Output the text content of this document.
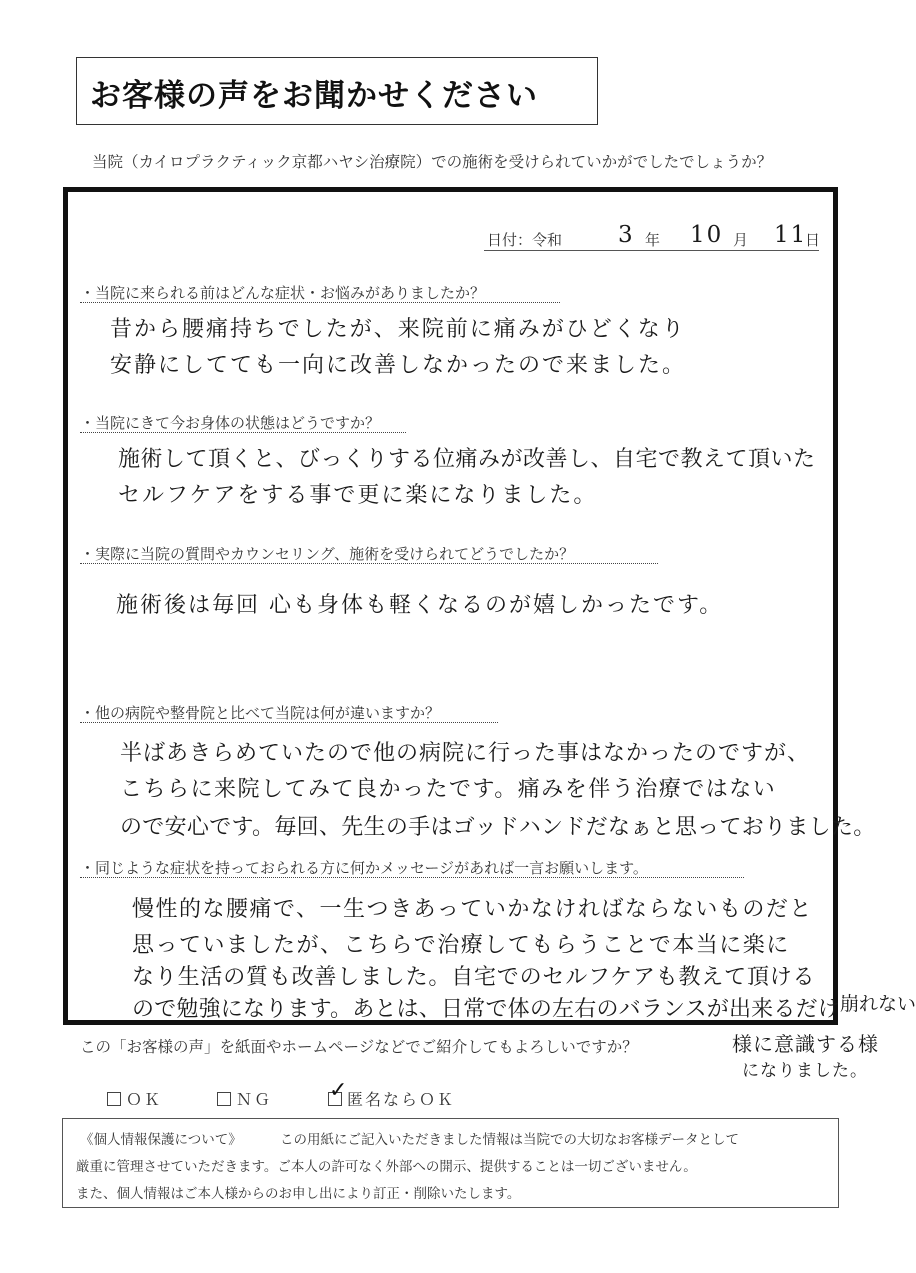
お客様の声をお聞かせください
当院（カイロプラクティック京都ハヤシ治療院）での施術を受けられていかがでしたでしょうか？
日付：令和 3 年 10 月 11
日
・当院に来られる前はどんな症状・お悩みがありましたか？
昔から腰痛持ちでしたが、来院前に痛みがひどくなり
安静にしてても一向に改善しなかったので来ました。
・当院にきて今お身体の状態はどうですか？
施術して頂くと、びっくりする位痛みが改善し、自宅で教えて頂いた
セルフケアをする事で更に楽になりました。
・実際に当院の質問やカウンセリング、施術を受けられてどうでしたか？
施術後は毎回 心も身体も軽くなるのが嬉しかったです。
・他の病院や整骨院と比べて当院は何が違いますか？
半ばあきらめていたので他の病院に行った事はなかったのですが、
こちらに来院してみて良かったです。痛みを伴う治療ではない
ので安心です。毎回、先生の手はゴッドハンドだなぁと思っておりました。
・同じような症状を持っておられる方に何かメッセージがあれば一言お願いします。
慢性的な腰痛で、一生つきあっていかなければならないものだと
思っていましたが、こちらで治療してもらうことで本当に楽に
なり生活の質も改善しました。自宅でのセルフケアも教えて頂ける
ので勉強になります。あとは、日常で体の左右のバランスが出来るだけ 崩れない
様に意識する様
になりました。
この「お客様の声」を紙面やホームページなどでご紹介してもよろしいですか？
ＯＫ	ＮＧ	匿名ならＯＫ
✓
《個人情報保護について》	この用紙にご記入いただきました情報は当院での大切なお客様データとして
厳重に管理させていただきます。ご本人の許可なく外部への開示、提供することは一切ございません。
また、個人情報はご本人様からのお申し出により訂正・削除いたします。
